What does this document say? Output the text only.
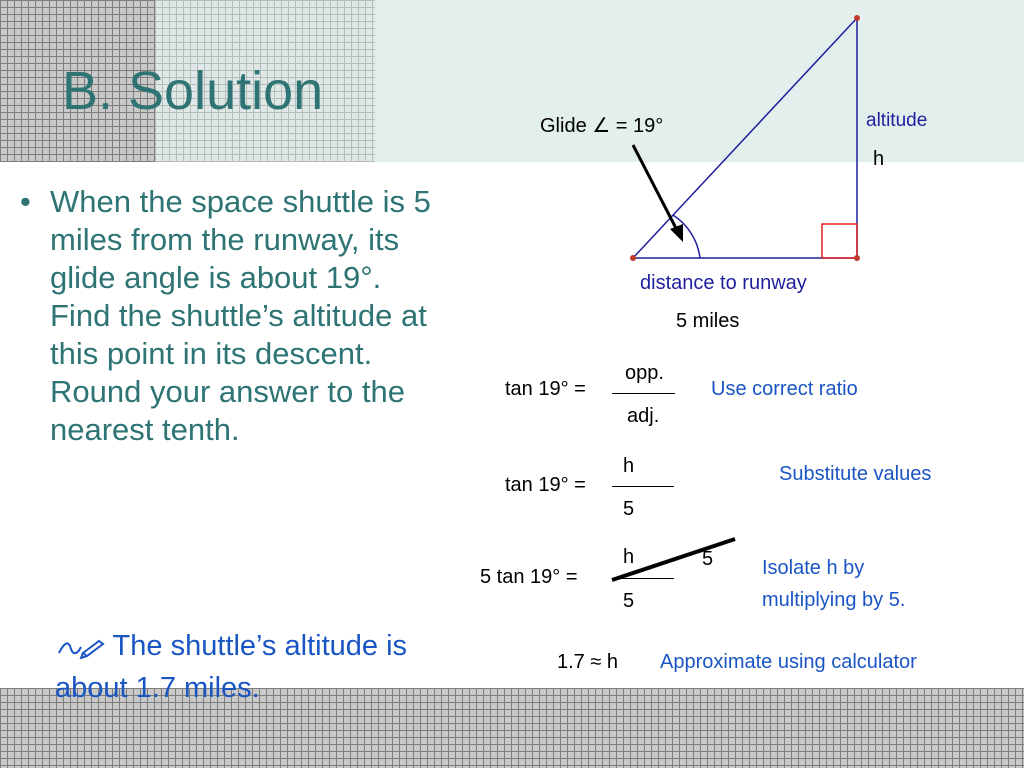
B. Solution
• When the space shuttle is 5 miles from the runway, its glide angle is about 19°. Find the shuttle’s altitude at this point in its descent. Round your answer to the nearest tenth.
The shuttle’s altitude is about 1.7 miles.
Glide ∠ = 19°	altitude
h
distance to runway
5 miles
tan 19° =
opp.
adj.
Use correct ratio
tan 19° =
h
5
Substitute values
5 tan 19° =
h
5
5 Isolate h by
multiplying by 5.
1.7 ≈ h Approximate using calculator
